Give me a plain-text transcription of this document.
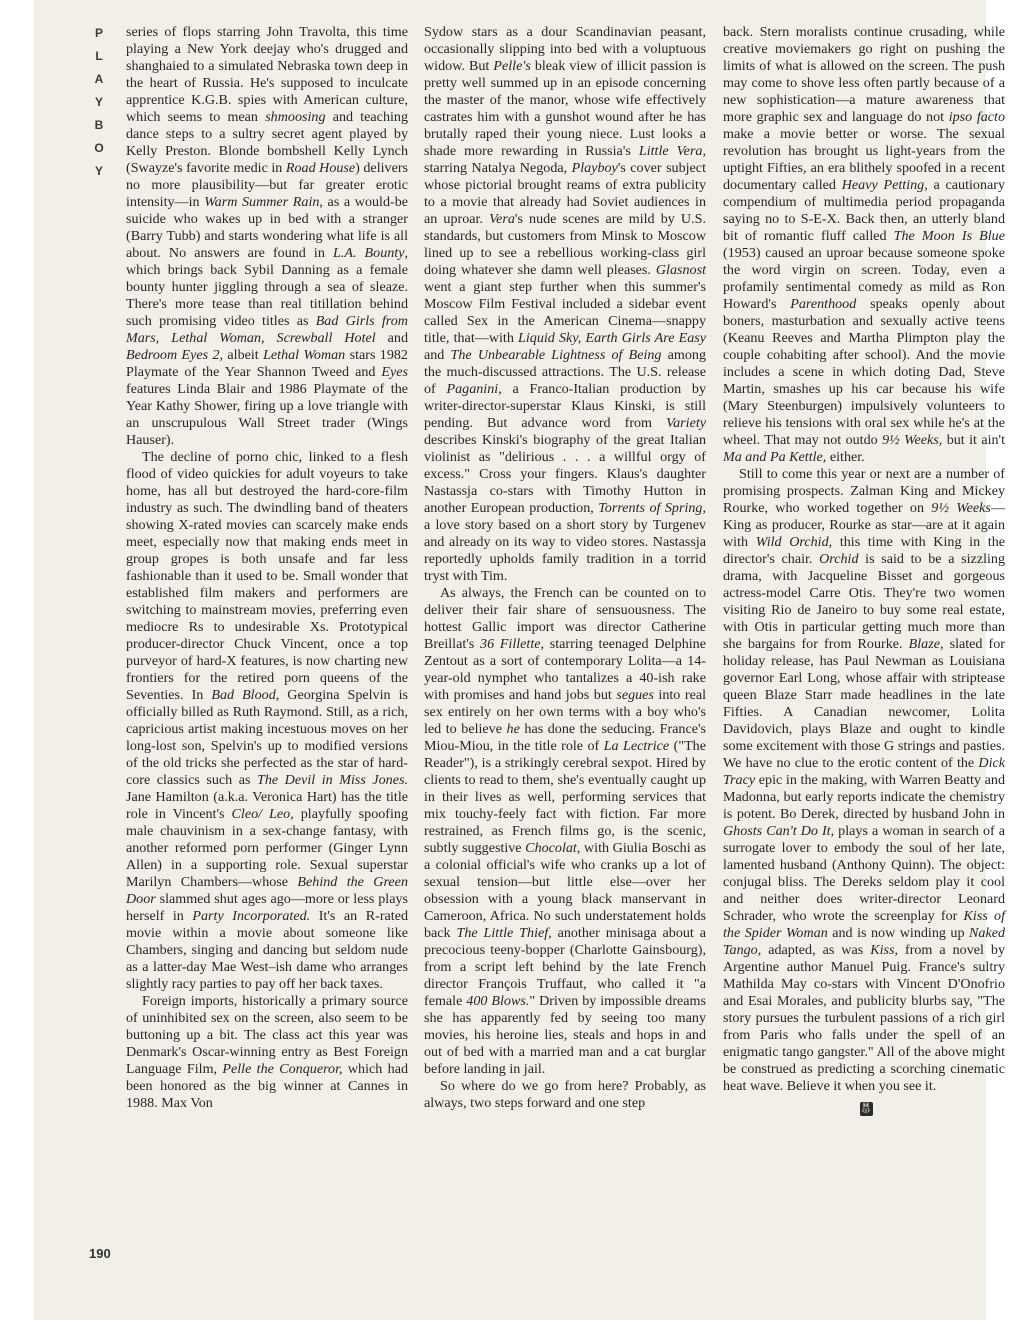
P
L
A
Y
B
O
Y

series of flops starring John Travolta, this time playing a New York deejay who's drugged and shanghaied to a simulated Nebraska town deep in the heart of Russia. He's supposed to inculcate apprentice K.G.B. spies with American culture, which seems to mean shmoosing and teaching dance steps to a sultry secret agent played by Kelly Preston. Blonde bombshell Kelly Lynch (Swayze's favorite medic in Road House) delivers no more plausibility—but far greater erotic intensity—in Warm Summer Rain, as a would-be suicide who wakes up in bed with a stranger (Barry Tubb) and starts wondering what life is all about. No answers are found in L.A. Bounty, which brings back Sybil Danning as a female bounty hunter jiggling through a sea of sleaze. There's more tease than real titillation behind such promising video titles as Bad Girls from Mars, Lethal Woman, Screwball Hotel and Bedroom Eyes 2, albeit Lethal Woman stars 1982 Playmate of the Year Shannon Tweed and Eyes features Linda Blair and 1986 Playmate of the Year Kathy Shower, firing up a love triangle with an unscrupulous Wall Street trader (Wings Hauser).

The decline of porno chic, linked to a flesh flood of video quickies for adult voyeurs to take home, has all but destroyed the hard-core-film industry as such. The dwindling band of theaters showing X-rated movies can scarcely make ends meet, especially now that making ends meet in group gropes is both unsafe and far less fashionable than it used to be. Small wonder that established film makers and performers are switching to mainstream movies, preferring even mediocre Rs to undesirable Xs. Prototypical producer-director Chuck Vincent, once a top purveyor of hard-X features, is now charting new frontiers for the retired porn queens of the Seventies. In Bad Blood, Georgina Spelvin is officially billed as Ruth Raymond. Still, as a rich, capricious artist making incestuous moves on her long-lost son, Spelvin's up to modified versions of the old tricks she perfected as the star of hard-core classics such as The Devil in Miss Jones. Jane Hamilton (a.k.a. Veronica Hart) has the title role in Vincent's Cleo/ Leo, playfully spoofing male chauvinism in a sex-change fantasy, with another reformed porn performer (Ginger Lynn Allen) in a supporting role. Sexual superstar Marilyn Chambers—whose Behind the Green Door slammed shut ages ago—more or less plays herself in Party Incorporated. It's an R-rated movie within a movie about someone like Chambers, singing and dancing but seldom nude as a latter-day Mae West–ish dame who arranges slightly racy parties to pay off her back taxes.

Foreign imports, historically a primary source of uninhibited sex on the screen, also seem to be buttoning up a bit. The class act this year was Denmark's Oscar-winning entry as Best Foreign Language Film, Pelle the Conqueror, which had been honored as the big winner at Cannes in 1988. Max Von

Sydow stars as a dour Scandinavian peasant, occasionally slipping into bed with a voluptuous widow. But Pelle's bleak view of illicit passion is pretty well summed up in an episode concerning the master of the manor, whose wife effectively castrates him with a gunshot wound after he has brutally raped their young niece. Lust looks a shade more rewarding in Russia's Little Vera, starring Natalya Negoda, Playboy's cover subject whose pictorial brought reams of extra publicity to a movie that already had Soviet audiences in an uproar. Vera's nude scenes are mild by U.S. standards, but customers from Minsk to Moscow lined up to see a rebellious working-class girl doing whatever she damn well pleases. Glasnost went a giant step further when this summer's Moscow Film Festival included a sidebar event called Sex in the American Cinema—snappy title, that—with Liquid Sky, Earth Girls Are Easy and The Unbearable Lightness of Being among the much-discussed attractions. The U.S. release of Paganini, a Franco-Italian production by writer-director-superstar Klaus Kinski, is still pending. But advance word from Variety describes Kinski's biography of the great Italian violinist as "delirious . . . a willful orgy of excess." Cross your fingers. Klaus's daughter Nastassja co-stars with Timothy Hutton in another European production, Torrents of Spring, a love story based on a short story by Turgenev and already on its way to video stores. Nastassja reportedly upholds family tradition in a torrid tryst with Tim.

As always, the French can be counted on to deliver their fair share of sensuousness. The hottest Gallic import was director Catherine Breillat's 36 Fillette, starring teenaged Delphine Zentout as a sort of contemporary Lolita—a 14-year-old nymphet who tantalizes a 40-ish rake with promises and hand jobs but segues into real sex entirely on her own terms with a boy who's led to believe he has done the seducing. France's Miou-Miou, in the title role of La Lectrice ("The Reader"), is a strikingly cerebral sexpot. Hired by clients to read to them, she's eventually caught up in their lives as well, performing services that mix touchy-feely fact with fiction. Far more restrained, as French films go, is the scenic, subtly suggestive Chocolat, with Giulia Boschi as a colonial official's wife who cranks up a lot of sexual tension—but little else—over her obsession with a young black manservant in Cameroon, Africa. No such understatement holds back The Little Thief, another minisaga about a precocious teeny-bopper (Charlotte Gainsbourg), from a script left behind by the late French director François Truffaut, who called it "a female 400 Blows." Driven by impossible dreams she has apparently fed by seeing too many movies, his heroine lies, steals and hops in and out of bed with a married man and a cat burglar before landing in jail.

So where do we go from here? Probably, as always, two steps forward and one step

back. Stern moralists continue crusading, while creative moviemakers go right on pushing the limits of what is allowed on the screen. The push may come to shove less often partly because of a new sophistication—a mature awareness that more graphic sex and language do not ipso facto make a movie better or worse. The sexual revolution has brought us light-years from the uptight Fifties, an era blithely spoofed in a recent documentary called Heavy Petting, a cautionary compendium of multimedia period propaganda saying no to S-E-X. Back then, an utterly bland bit of romantic fluff called The Moon Is Blue (1953) caused an uproar because someone spoke the word virgin on screen. Today, even a profamily sentimental comedy as mild as Ron Howard's Parenthood speaks openly about boners, masturbation and sexually active teens (Keanu Reeves and Martha Plimpton play the couple cohabiting after school). And the movie includes a scene in which doting Dad, Steve Martin, smashes up his car because his wife (Mary Steenburgen) impulsively volunteers to relieve his tensions with oral sex while he's at the wheel. That may not outdo 9½ Weeks, but it ain't Ma and Pa Kettle, either.

Still to come this year or next are a number of promising prospects. Zalman King and Mickey Rourke, who worked together on 9½ Weeks—King as producer, Rourke as star—are at it again with Wild Orchid, this time with King in the director's chair. Orchid is said to be a sizzling drama, with Jacqueline Bisset and gorgeous actress-model Carre Otis. They're two women visiting Rio de Janeiro to buy some real estate, with Otis in particular getting much more than she bargains for from Rourke. Blaze, slated for holiday release, has Paul Newman as Louisiana governor Earl Long, whose affair with striptease queen Blaze Starr made headlines in the late Fifties. A Canadian newcomer, Lolita Davidovich, plays Blaze and ought to kindle some excitement with those G strings and pasties. We have no clue to the erotic content of the Dick Tracy epic in the making, with Warren Beatty and Madonna, but early reports indicate the chemistry is potent. Bo Derek, directed by husband John in Ghosts Can't Do It, plays a woman in search of a surrogate lover to embody the soul of her late, lamented husband (Anthony Quinn). The object: conjugal bliss. The Dereks seldom play it cool and neither does writer-director Leonard Schrader, who wrote the screenplay for Kiss of the Spider Woman and is now winding up Naked Tango, adapted, as was Kiss, from a novel by Argentine author Manuel Puig. France's sultry Mathilda May co-stars with Vincent D'Onofrio and Esai Morales, and publicity blurbs say, "The story pursues the turbulent passions of a rich girl from Paris who falls under the spell of an enigmatic tango gangster." All of the above might be construed as predicting a scorching cinematic heat wave. Believe it when you see it.

🐰︎
190
